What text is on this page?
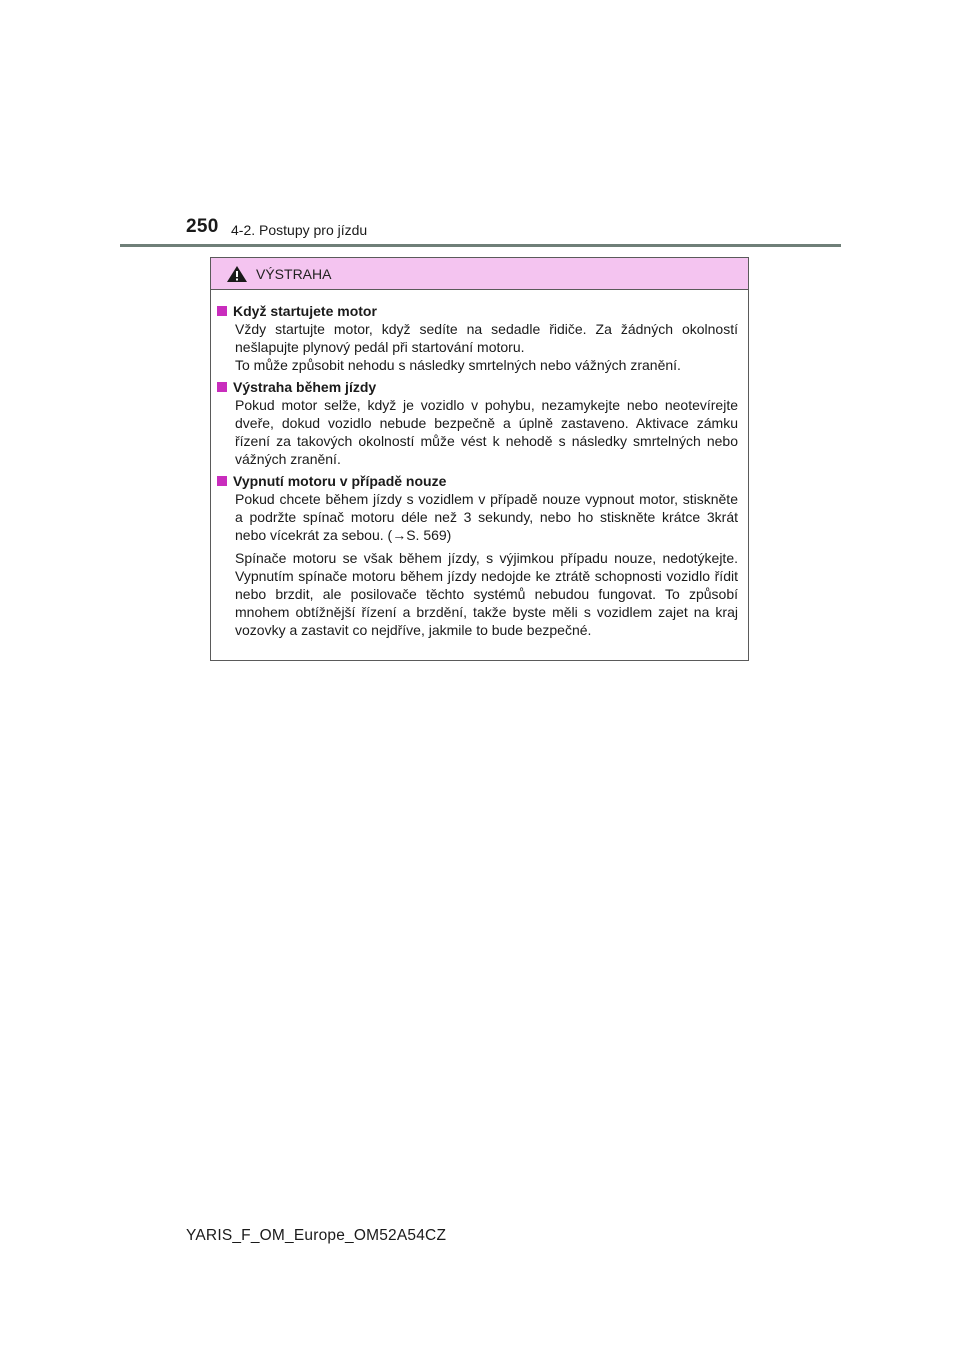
250 4-2. Postupy pro jízdu
VÝSTRAHA
Když startujete motor

Vždy startujte motor, když sedíte na sedadle řidiče. Za žádných okolností nešlapujte plynový pedál při startování motoru.
To může způsobit nehodu s následky smrtelných nebo vážných zranění.

Výstraha během jízdy

Pokud motor selže, když je vozidlo v pohybu, nezamykejte nebo neotevírejte dveře, dokud vozidlo nebude bezpečně a úplně zastaveno. Aktivace zámku řízení za takových okolností může vést k nehodě s následky smrtelných nebo vážných zranění.

Vypnutí motoru v případě nouze

Pokud chcete během jízdy s vozidlem v případě nouze vypnout motor, stiskněte a podržte spínač motoru déle než 3 sekundy, nebo ho stiskněte krátce 3krát nebo vícekrát za sebou. (→S. 569)

Spínače motoru se však během jízdy, s výjimkou případu nouze, nedotýkejte. Vypnutím spínače motoru během jízdy nedojde ke ztrátě schopnosti vozidlo řídit nebo brzdit, ale posilovače těchto systémů nebudou fungovat. To způsobí mnohem obtížnější řízení a brzdění, takže byste měli s vozidlem zajet na kraj vozovky a zastavit co nejdříve, jakmile to bude bezpečné.

YARIS_F_OM_Europe_OM52A54CZ
